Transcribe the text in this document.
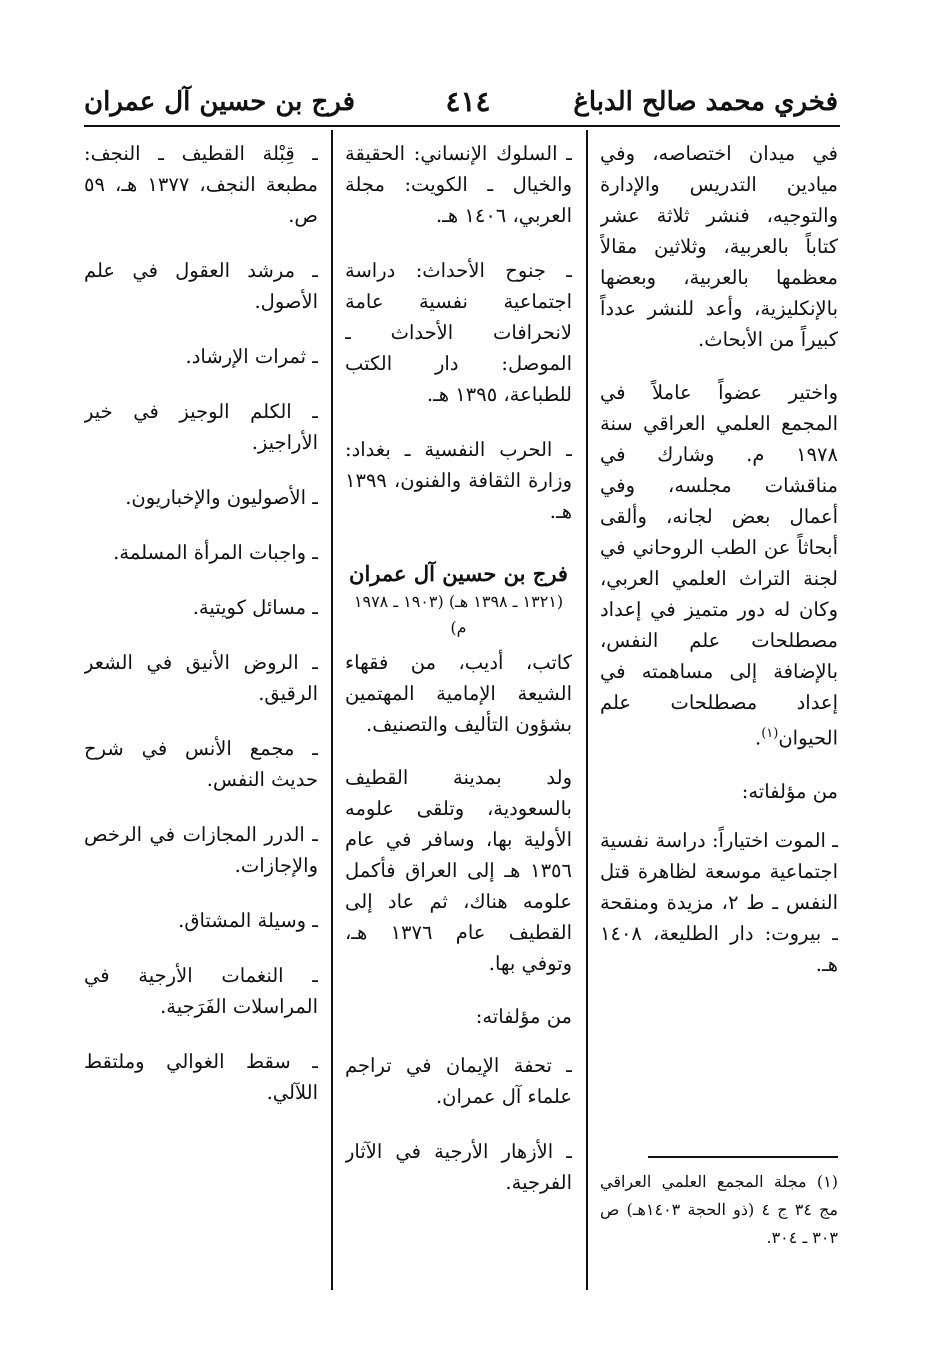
فخري محمد صالح الدباغ
٤١٤
فرج بن حسين آل عمران

في ميدان اختصاصه، وفي ميادين التدريس والإدارة والتوجيه، فنشر ثلاثة عشر كتاباً بالعربية، وثلاثين مقالاً معظمها بالعربية، وبعضها بالإنكليزية، وأعد للنشر عدداً كبيراً من الأبحاث.

واختير عضواً عاملاً في المجمع العلمي العراقي سنة ١٩٧٨ م. وشارك في مناقشات مجلسه، وفي أعمال بعض لجانه، وألقى أبحاثاً عن الطب الروحاني في لجنة التراث العلمي العربي، وكان له دور متميز في إعداد مصطلحات علم النفس، بالإضافة إلى مساهمته في إعداد مصطلحات علم الحيوان$^{(١)}$.

من مؤلفاته:

ـ الموت اختياراً: دراسة نفسية اجتماعية موسعة لظاهرة قتل النفس ـ ط ٢، مزيدة ومنقحة ـ بيروت: دار الطليعة، ١٤٠٨ هـ.

ـ السلوك الإنساني: الحقيقة والخيال ـ الكويت: مجلة العربي، ١٤٠٦ هـ.

ـ جنوح الأحداث: دراسة اجتماعية نفسية عامة لانحرافات الأحداث ـ الموصل: دار الكتب للطباعة، ١٣٩٥ هـ.

ـ الحرب النفسية ـ بغداد: وزارة الثقافة والفنون، ١٣٩٩ هـ.

فرج بن حسين آل عمران
(١٣٢١ ـ ١٣٩٨ هـ) (١٩٠٣ ـ ١٩٧٨ م)

كاتب، أديب، من فقهاء الشيعة الإمامية المهتمين بشؤون التأليف والتصنيف.

ولد بمدينة القطيف بالسعودية، وتلقى علومه الأولية بها، وسافر في عام ١٣٥٦ هـ إلى العراق فأكمل علومه هناك، ثم عاد إلى القطيف عام ١٣٧٦ هـ، وتوفي بها.

من مؤلفاته:

ـ تحفة الإيمان في تراجم علماء آل عمران.

ـ الأزهار الأرجية في الآثار الفرجية.

ـ قِبْلة القطيف ـ النجف: مطبعة النجف، ١٣٧٧ هـ، ٥٩ ص.

ـ مرشد العقول في علم الأصول.

ـ ثمرات الإرشاد.

ـ الكلم الوجيز في خير الأراجيز.

ـ الأصوليون والإخباريون.

ـ واجبات المرأة المسلمة.

ـ مسائل كويتية.

ـ الروض الأنيق في الشعر الرقيق.

ـ مجمع الأنس في شرح حديث النفس.

ـ الدرر المجازات في الرخص والإجازات.

ـ وسيلة المشتاق.

ـ النغمات الأرجية في المراسلات الفَرَجية.

ـ سقط الغوالي وملتقط اللآلي.

(١) مجلة المجمع العلمي العراقي مج ٣٤ ج ٤ (ذو الحجة ١٤٠٣هـ) ص ٣٠٣ ـ ٣٠٤.
